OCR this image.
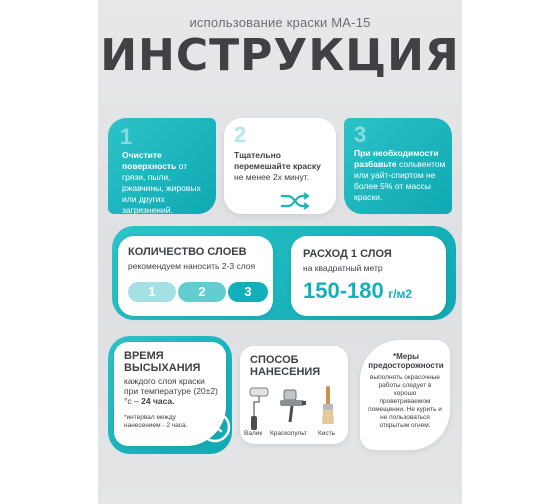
использование краски МА-15
ИНСТРУКЦИЯ
1
Очистите поверхность от грязи, пыли, ржавчины, жировых или других загрязнений.
2
Тщательно перемешайте краску не менее 2х минут.
3
При необходимости разбавьте сольвентом или уайт-спиртом не более 5% от массы краски.
КОЛИЧЕСТВО СЛОЕВ
рекомендуем наносить 2-3 слоя
1	2	3
РАСХОД 1 СЛОЯ
на квадратный метр
150-180 г/м2
ВРЕМЯ ВЫСЫХАНИЯ
каждого слоя краски при температуре (20±2)°c – 24 часа.
*интервал между нанесением - 2 часа.
СПОСОБ НАНЕСЕНИЯ
Валик Краскопульт Кисть
*Меры предосторожности
выполнять окрасочные работы следует в хорошо проветриваемом помещении. Не курить и не пользоваться открытым огнем.
